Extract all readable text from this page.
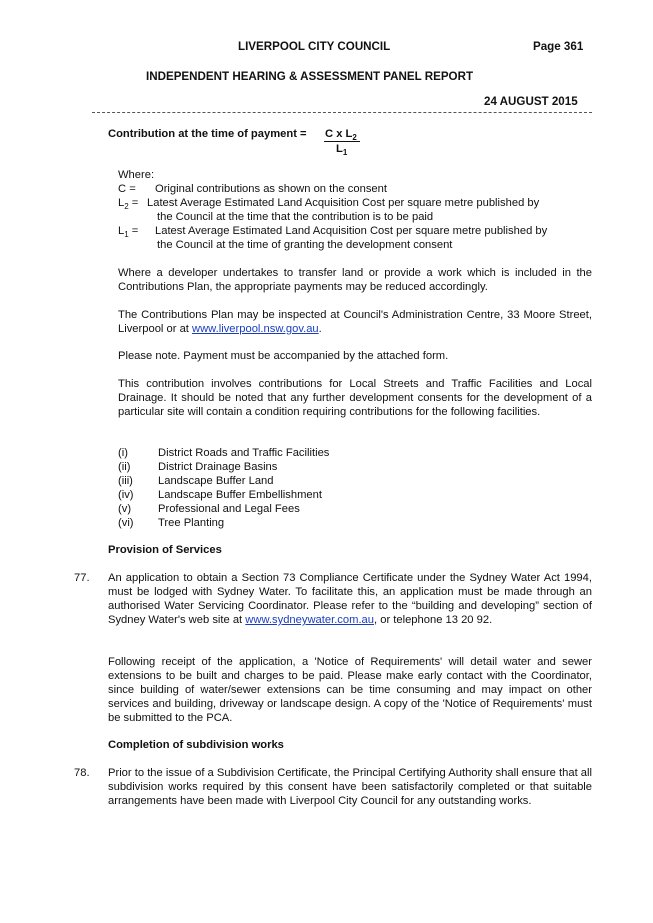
LIVERPOOL CITY COUNCIL	Page 361
INDEPENDENT HEARING & ASSESSMENT PANEL REPORT
24 AUGUST 2015
Contribution at the time of payment = C x $L_2$
$L_1$
Where:
C = Original contributions as shown on the consent
$L_2$ = Latest Average Estimated Land Acquisition Cost per square metre published by
the Council at the time that the contribution is to be paid
$L_1$ = Latest Average Estimated Land Acquisition Cost per square metre published by
the Council at the time of granting the development consent
Where a developer undertakes to transfer land or provide a work which is included in the Contributions Plan, the appropriate payments may be reduced accordingly.
The Contributions Plan may be inspected at Council's Administration Centre, 33 Moore Street, Liverpool or at www.liverpool.nsw.gov.au.
Please note. Payment must be accompanied by the attached form.
This contribution involves contributions for Local Streets and Traffic Facilities and Local Drainage. It should be noted that any further development consents for the development of a particular site will contain a condition requiring contributions for the following facilities.
(i)	District Roads and Traffic Facilities
(ii) District Drainage Basins
(iii) Landscape Buffer Land
(iv) Landscape Buffer Embellishment
(v) Professional and Legal Fees
(vi) Tree Planting
Provision of Services
77. An application to obtain a Section 73 Compliance Certificate under the Sydney Water Act 1994, must be lodged with Sydney Water. To facilitate this, an application must be made through an authorised Water Servicing Coordinator. Please refer to the “building and developing” section of Sydney Water's web site at www.sydneywater.com.au, or telephone 13 20 92.
Following receipt of the application, a 'Notice of Requirements' will detail water and sewer extensions to be built and charges to be paid. Please make early contact with the Coordinator, since building of water/sewer extensions can be time consuming and may impact on other services and building, driveway or landscape design. A copy of the 'Notice of Requirements' must be submitted to the PCA.
Completion of subdivision works
78. Prior to the issue of a Subdivision Certificate, the Principal Certifying Authority shall ensure that all subdivision works required by this consent have been satisfactorily completed or that suitable arrangements have been made with Liverpool City Council for any outstanding works.
